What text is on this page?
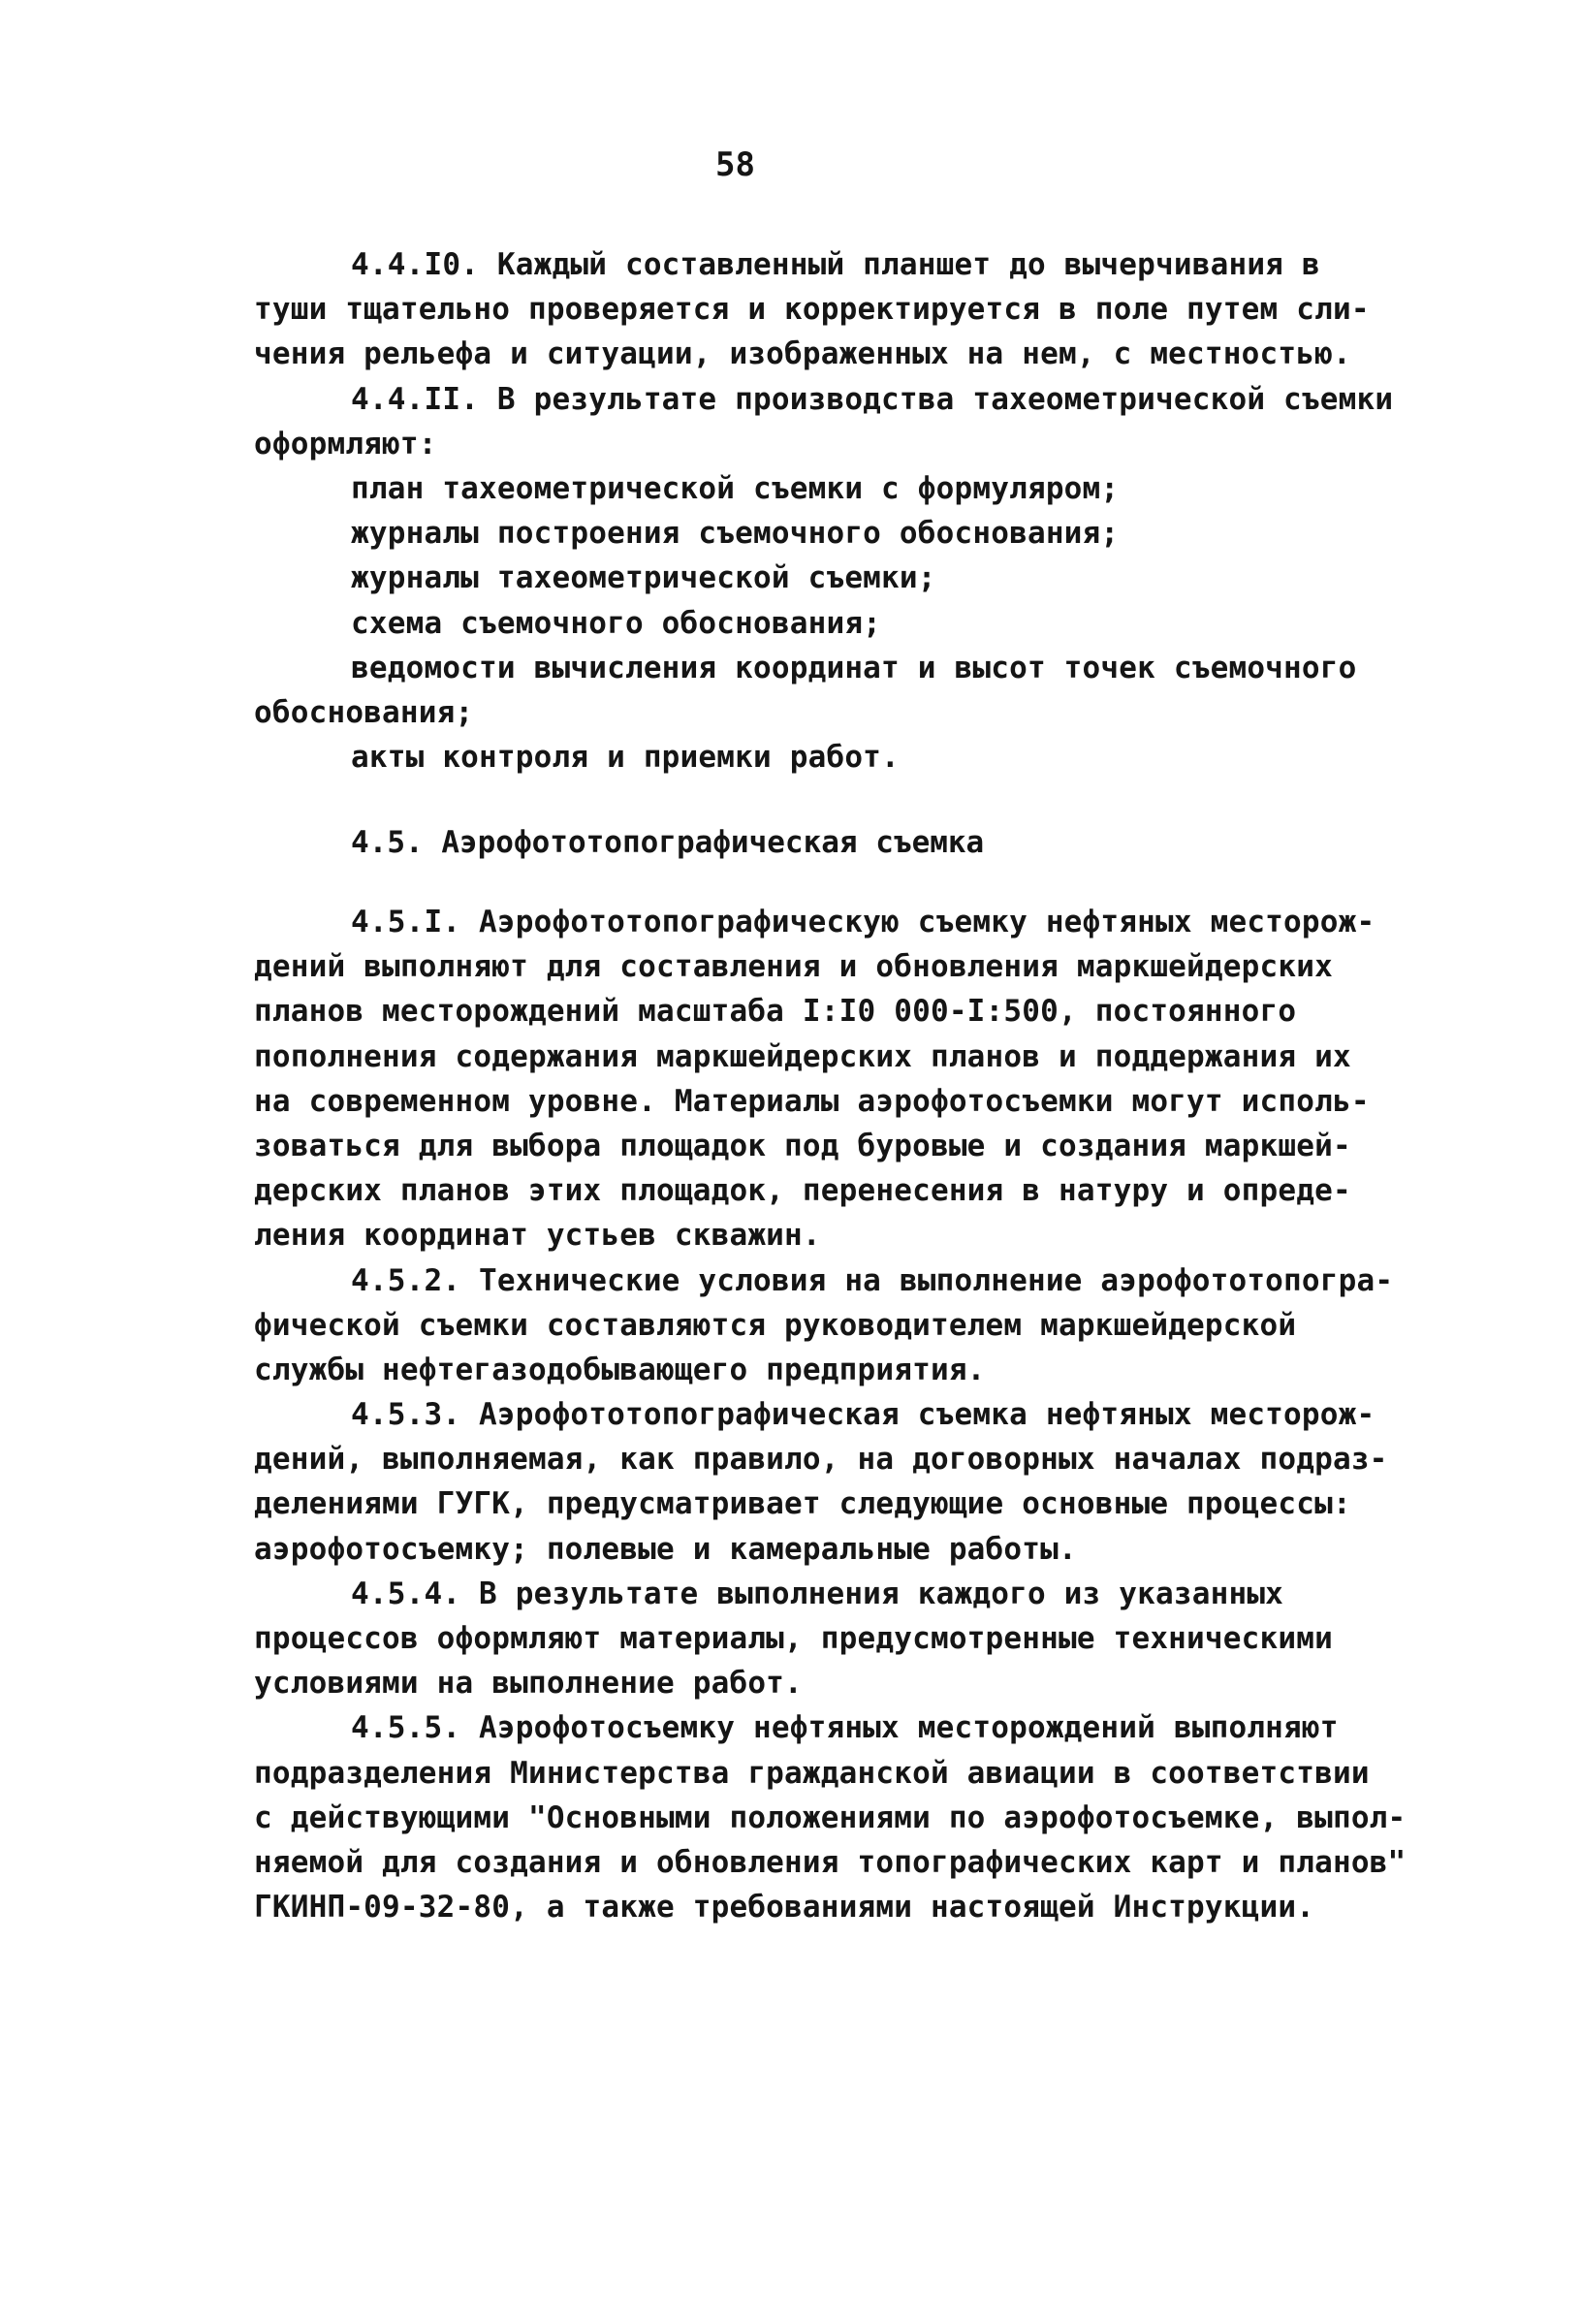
58
4.4.I0. Каждый составленный планшет до вычерчивания в
туши тщательно проверяется и корректируется в поле путем сли-
чения рельефа и ситуации, изображенных на нем, с местностью.
4.4.II. В результате производства тахеометрической съемки
оформляют:
план тахеометрической съемки с формуляром;
журналы построения съемочного обоснования;
журналы тахеометрической съемки;
схема съемочного обоснования;
ведомости вычисления координат и высот точек съемочного
обоснования;
акты контроля и приемки работ.
4.5. Аэрофототопографическая съемка
4.5.I. Аэрофототопографическую съемку нефтяных месторож-
дений выполняют для составления и обновления маркшейдерских
планов месторождений масштаба I:I0 000-I:500, постоянного
пополнения содержания маркшейдерских планов и поддержания их
на современном уровне. Материалы аэрофотосъемки могут исполь-
зоваться для выбора площадок под буровые и создания маркшей-
дерских планов этих площадок, перенесения в натуру и опреде-
ления координат устьев скважин.
4.5.2. Технические условия на выполнение аэрофототопогра-
фической съемки составляются руководителем маркшейдерской
службы нефтегазодобывающего предприятия.
4.5.3. Аэрофототопографическая съемка нефтяных месторож-
дений, выполняемая, как правило, на договорных началах подраз-
делениями ГУГК, предусматривает следующие основные процессы:
аэрофотосъемку; полевые и камеральные работы.
4.5.4. В результате выполнения каждого из указанных
процессов оформляют материалы, предусмотренные техническими
условиями на выполнение работ.
4.5.5. Аэрофотосъемку нефтяных месторождений выполняют
подразделения Министерства гражданской авиации в соответствии
с действующими "Основными положениями по аэрофотосъемке, выпол-
няемой для создания и обновления топографических карт и планов"
ГКИНП-09-32-80, а также требованиями настоящей Инструкции.
